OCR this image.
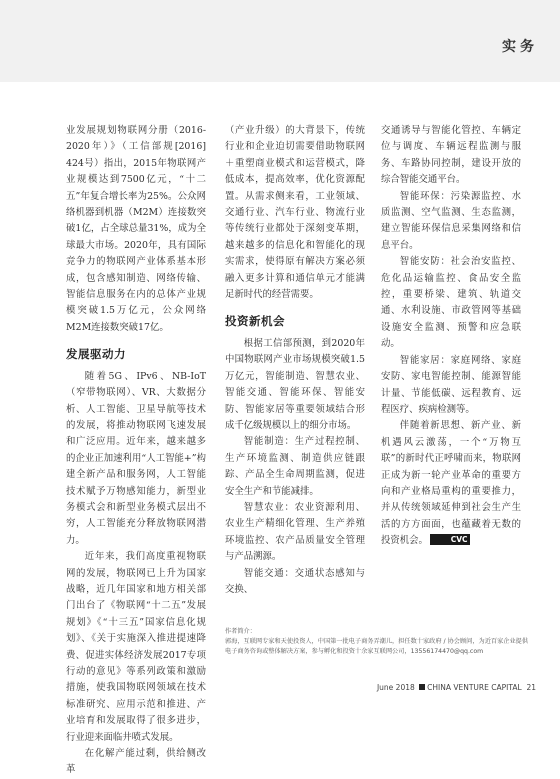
实务

业发展规划物联网分册（2016-2020年）》（工信部规[2016] 424号）指出，2015年物联网产业规模达到7500亿元，“十二五”年复合增长率为25%。公众网络机器到机器（M2M）连接数突破1亿，占全球总量31%，成为全球最大市场。2020年，具有国际竞争力的物联网产业体系基本形成，包含感知制造、网络传输、智能信息服务在内的总体产业规模突破1.5万亿元，公众网络M2M连接数突破17亿。

发展驱动力

随着5G、IPv6、NB-IoT（窄带物联网）、VR、大数据分析、人工智能、卫星导航等技术的发展，将推动物联网飞速发展和广泛应用。近年来，越来越多的企业正加速利用“人工智能+”构建全新产品和服务网，人工智能技术赋予万物感知能力，新型业务模式会和新型业务模式层出不穷，人工智能充分释放物联网潜力。

近年来，我们高度重视物联网的发展，物联网已上升为国家战略，近几年国家和地方相关部门出台了《物联网“十二五”发展规划》《“十三五”国家信息化规划》、《关于实施深入推进提速降费、促进实体经济发展2017专项行动的意见》等系列政策和激励措施，使我国物联网领域在技术标准研究、应用示范和推进、产业培育和发展取得了很多进步，行业迎来面临井喷式发展。

在化解产能过剩，供给侧改革

（产业升级）的大背景下，传统行业和企业迫切需要借助物联网＋重塑商业模式和运营模式，降低成本，提高效率，优化资源配置。从需求侧来看，工业领域、交通行业、汽车行业、物流行业等传统行业都处于深刻变革期，越来越多的信息化和智能化的现实需求，使得原有解决方案必须融入更多计算和通信单元才能满足新时代的经营需要。

投资新机会

根据工信部预测，到2020年中国物联网产业市场规模突破1.5万亿元，智能制造、智慧农业、智能交通、智能环保、智能安防、智能家居等重要领域结合形成千亿级规模以上的细分市场。

智能制造：生产过程控制、生产环境监测、制造供应链跟踪、产品全生命周期监测，促进安全生产和节能减排。

智慧农业：农业资源利用、农业生产精细化管理、生产养殖环境监控、农产品质量安全管理与产品溯源。

智能交通：交通状态感知与交换、

交通诱导与智能化管控、车辆定位与调度、车辆远程监测与服务、车路协同控制，建设开放的综合智能交通平台。

智能环保：污染源监控、水质监测、空气监测、生态监测，建立智能环保信息采集网络和信息平台。

智能安防：社会治安监控、危化品运输监控、食品安全监控，重要桥梁、建筑、轨道交通、水利设施、市政管网等基础设施安全监测、预警和应急联动。

智能家居：家庭网络、家庭安防、家电智能控制、能源智能计量、节能低碳、远程教育、远程医疗、疾病检测等。

伴随着新思想、新产业、新机遇风云激荡，一个“万物互联”的新时代正呼啸而来，物联网正成为新一轮产业革命的重要方向和产业格局重构的重要推力，并从传统领域延伸到社会生产生活的方方面面，也蕴藏着无数的投资机会。	CVC

作者简介：
郭海，互联网专家和天使投资人，中国第一批电子商务弄潮儿，担任数十家政府 / 协会顾问，为近百家企业提供电子商务咨询或整体解决方案，参与孵化和投资十余家互联网公司，13556174470@qq.com
June 2018 CHINA VENTURE CAPITAL 21
